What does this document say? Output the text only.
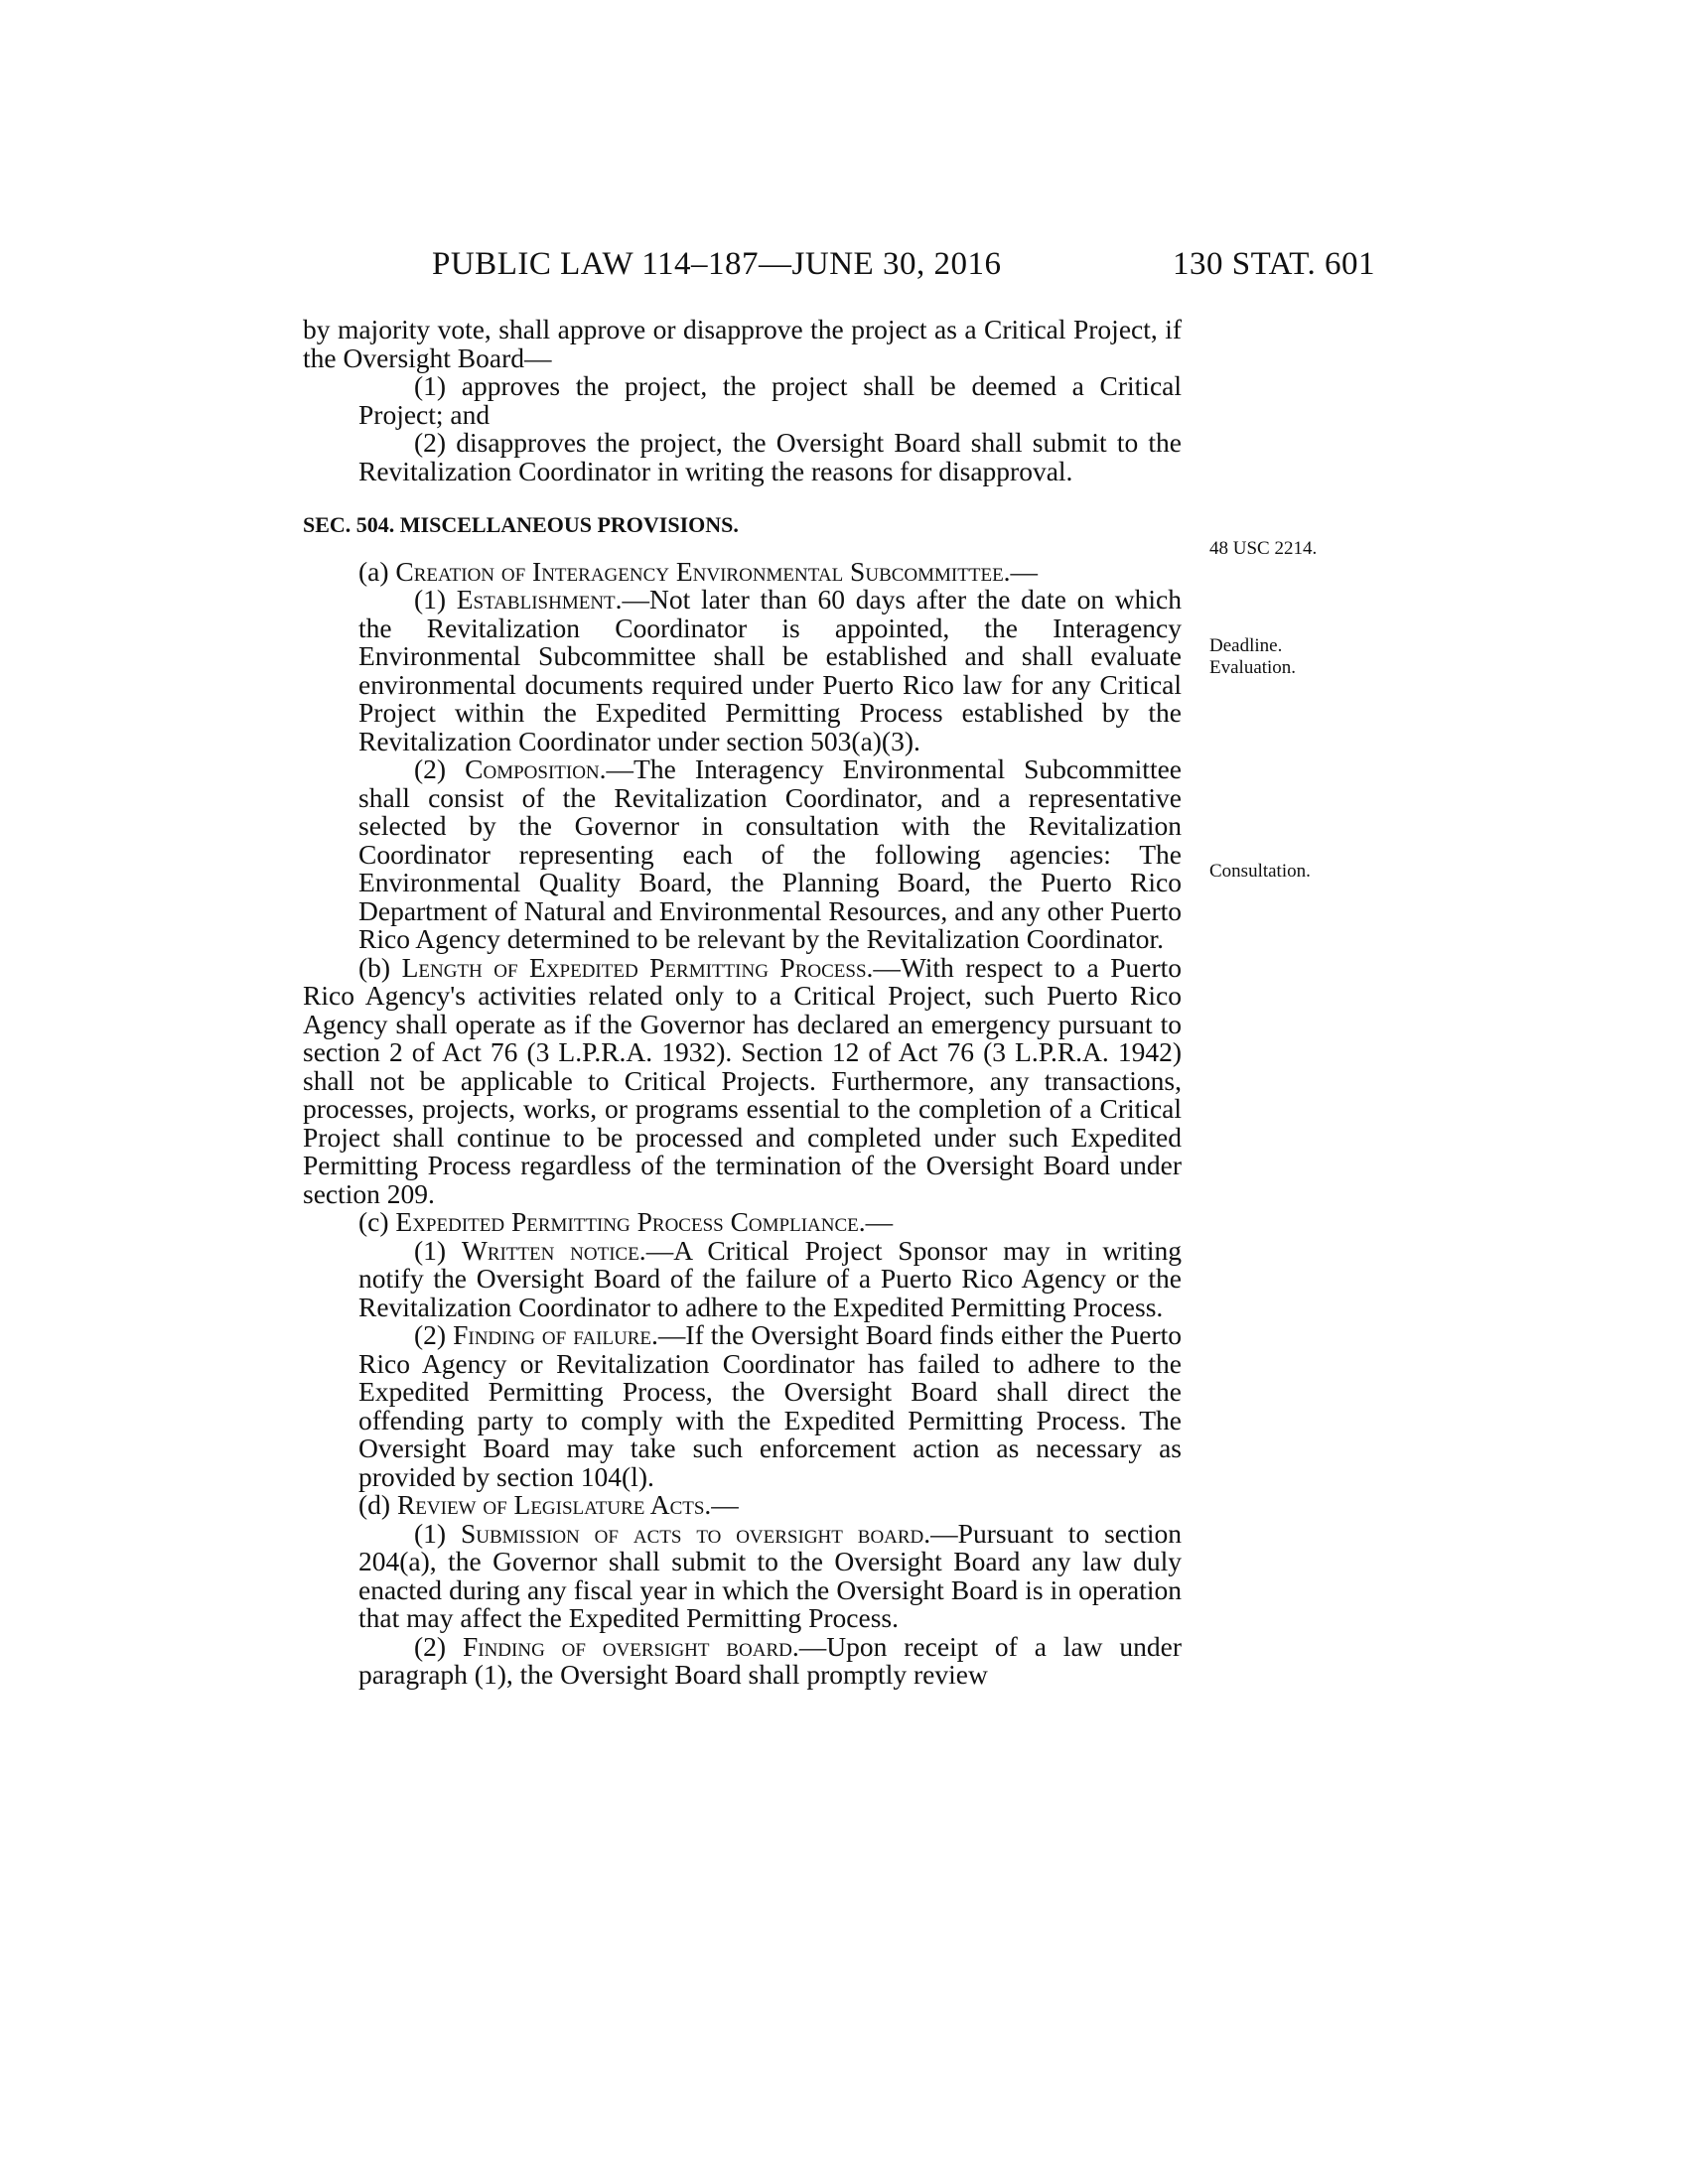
PUBLIC LAW 114–187—JUNE 30, 2016	130 STAT. 601
48 USC 2214.
Deadline.
Evaluation.
Consultation.

by majority vote, shall approve or disapprove the project as a Critical Project, if the Oversight Board—

(1) approves the project, the project shall be deemed a Critical Project; and

(2) disapproves the project, the Oversight Board shall submit to the Revitalization Coordinator in writing the reasons for disapproval.

SEC. 504. MISCELLANEOUS PROVISIONS.

(a) Creation of Interagency Environmental Subcommittee.—

(1) Establishment.—Not later than 60 days after the date on which the Revitalization Coordinator is appointed, the Interagency Environmental Subcommittee shall be established and shall evaluate environmental documents required under Puerto Rico law for any Critical Project within the Expedited Permitting Process established by the Revitalization Coordinator under section 503(a)(3).

(2) Composition.—The Interagency Environmental Subcommittee shall consist of the Revitalization Coordinator, and a representative selected by the Governor in consultation with the Revitalization Coordinator representing each of the following agencies: The Environmental Quality Board, the Planning Board, the Puerto Rico Department of Natural and Environmental Resources, and any other Puerto Rico Agency determined to be relevant by the Revitalization Coordinator.

(b) Length of Expedited Permitting Process.—With respect to a Puerto Rico Agency's activities related only to a Critical Project, such Puerto Rico Agency shall operate as if the Governor has declared an emergency pursuant to section 2 of Act 76 (3 L.P.R.A. 1932). Section 12 of Act 76 (3 L.P.R.A. 1942) shall not be applicable to Critical Projects. Furthermore, any transactions, processes, projects, works, or programs essential to the completion of a Critical Project shall continue to be processed and completed under such Expedited Permitting Process regardless of the termination of the Oversight Board under section 209.

(c) Expedited Permitting Process Compliance.—

(1) Written notice.—A Critical Project Sponsor may in writing notify the Oversight Board of the failure of a Puerto Rico Agency or the Revitalization Coordinator to adhere to the Expedited Permitting Process.

(2) Finding of failure.—If the Oversight Board finds either the Puerto Rico Agency or Revitalization Coordinator has failed to adhere to the Expedited Permitting Process, the Oversight Board shall direct the offending party to comply with the Expedited Permitting Process. The Oversight Board may take such enforcement action as necessary as provided by section 104(l).

(d) Review of Legislature Acts.—

(1) Submission of acts to oversight board.—Pursuant to section 204(a), the Governor shall submit to the Oversight Board any law duly enacted during any fiscal year in which the Oversight Board is in operation that may affect the Expedited Permitting Process.

(2) Finding of oversight board.—Upon receipt of a law under paragraph (1), the Oversight Board shall promptly review
